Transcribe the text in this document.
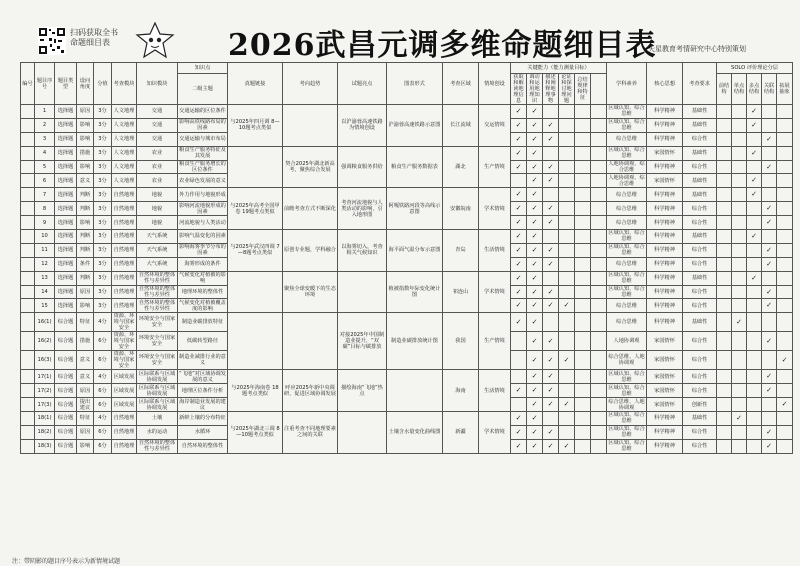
扫码获取全书
命题细目表	2026武昌元调多维命题细目表
天星教育考情研究中心特别策划
编号	题目序号	题目类型	设问角度	分值	考查模块	知识模块	知识点	真题链接	考向趋势	试题亮点	图表形式	考查区域	情境创设	关键能力（能力测量目标）						学科素养	核心思想	考查要求	SOLO 评价理论分层				
							二级主题							获取和解读地理信息	调动和运用地理知识	描述和阐释地理事物	论证和探讨地理问题	总结规律和特征					前结构	单点结构	多点结构	关联结构	拓展抽象
	1	选择题	原因	3分	人文地理	交通	交通运输的区位条件	与2025年四月调 8—10题考点类似		以沪渝蓉高速铁路为情境创设	沪渝蓉高速铁路示意图	长江流域	交运情境	✓	✓					区域认知、综合思维	科学精神	基础性			✓		
	2	选择题	影响	3分	人文地理	交通	影响高铁线路布局的因素							✓	✓	✓				区域认知、综合思维	科学精神	基础性			✓		
	3	选择题	影响	3分	人文地理	交通	交通运输与城市布局							✓	✓	✓				综合思维	科学精神	综合性				✓	
	4	选择题	措施	3分	人文地理	农业	粮食生产服务特征及其发展		契合2025年湖北新高考，聚焦综合发展	强调粮食服务供给	粮食生产服务数据表	湖北	生产情境	✓	✓					区域认知、综合思维	家国情怀	基础性			✓		
	5	选择题	影响	3分	人文地理	农业	粮食生产服务增长的区位条件							✓	✓	✓				人地协调观、综合思维	科学精神	综合性				✓	
	6	选择题	意义	3分	人文地理	农业	农业绿色发展的意义								✓	✓				人地协调观、综合思维	家国情怀	基础性			✓		
	7	选择题	判断	3分	自然地理	地貌	外力作用与地貌形成	与2025年高考全国甲卷 19题考点类似	前瞻考查方式不断深化	考查河流地貌与人类活动的影响，引入地形图	阿嘎铁路河段等高线示意图	安徽皖南	学术情境	✓	✓					综合思维	科学精神	基础性			✓		
	8	选择题	判断	3分	自然地理	地貌	影响河流地貌形成的因素							✓	✓	✓				综合思维	科学精神	综合性				✓	
	9	选择题	影响	3分	自然地理	地貌	河流地貌与人类活动							✓	✓	✓				综合思维	科学精神	综合性				✓	
	10	选择题	判断	3分	自然地理	天气系统	影响气温变化的因素	与2025年武汉四调 7—8题考点类似	原创专业题，学科融合	以海雾切入，考查相关气候知识	海平面气温分布示意图	青岛	生活情境	✓	✓					区域认知、综合思维	科学精神	基础性			✓		
	11	选择题	判断	3分	自然地理	天气系统	影响海雾季节分布的因素							✓	✓	✓				区域认知、综合思维	科学精神	综合性				✓	
	12	选择题	条件	3分	自然地理	大气系统	海雾形成的条件							✓	✓	✓				综合思维	科学精神	综合性				✓	
	13	选择题	判断	3分	自然地理	自然环境的整体性与差异性	气候变化对植被的影响		聚焦全球变暖下的生态环境		植被指数年际变化统计图	祁连山	学术情境	✓	✓					区域认知、综合思维	科学精神	基础性			✓		
	14	选择题	原因	3分	自然地理	自然环境的整体性与差异性	地理环境的整体性							✓	✓	✓				区域认知、综合思维	科学精神	综合性				✓	
	15	选择题	影响	3分	自然地理	自然环境的整体性与差异性	气候变化对植被覆盖度的影响							✓	✓	✓	✓			综合思维	科学精神	综合性				✓	
	16(1)	综合题	特征	4分	资源、环境与国家安全	环境安全与国家安全	制造业碳排放特征			对接2025年中国制造业提升，“双碳”目标与碳排放	制造业碳排放统计图	我国	生产情境	✓	✓					综合思维	科学精神	基础性		✓			
	16(2)	综合题	措施	6分	资源、环境与国家安全	环境安全与国家安全	低碳转型路径								✓	✓				人地协调观	家国情怀	综合性				✓	
	16(3)	综合题	意义	6分	资源、环境与国家安全	环境安全与国家安全	制造业减排行业的意义								✓	✓	✓			综合思维、人地协调观	家国情怀	综合性					✓
	17(1)	综合题	意义	4分	区域发展	区际联系与区域协调发展	“飞地”对区域协调发展的意义	与2025年海南卷 18题考点类似	呼应2025年新中央调研，促进区域协调发展	描绘海南“飞地”热点		海南	生活情境		✓	✓				区域认知、综合思维	家国情怀	综合性				✓	
	17(2)	综合题	原因	6分	区域发展	区际联系与区域协调发展	地理区位条件分析							✓	✓	✓				区域认知、综合思维	家国情怀	综合性				✓	
	17(3)	综合题	提出建议	6分	区域发展	区际联系与区域协调发展	海岸制造业发展的建议								✓	✓	✓			综合思维、人地协调观	家国情怀	创新性					✓
	18(1)	综合题	特征	4分	自然地理	土壤	新蚌上壤的分布特征	与2025年湖北三调 8—10题考点类似	注重考查不同地理要素之间的关联		土壤含水量变化曲线图	新疆	学术情境	✓	✓					区域认知、综合思维	科学精神	基础性		✓			
	18(2)	综合题	原因	6分	自然地理	水的运动	水循环							✓	✓	✓				区域认知、综合思维	科学精神	综合性				✓	
	18(3)	综合题	影响	6分	自然地理	自然环境的整体性与差异性	自然环境的整体性							✓	✓	✓	✓			区域认知、综合思维	科学精神	综合性				✓	
注：带阴影的题目序号表示为新情境试题
